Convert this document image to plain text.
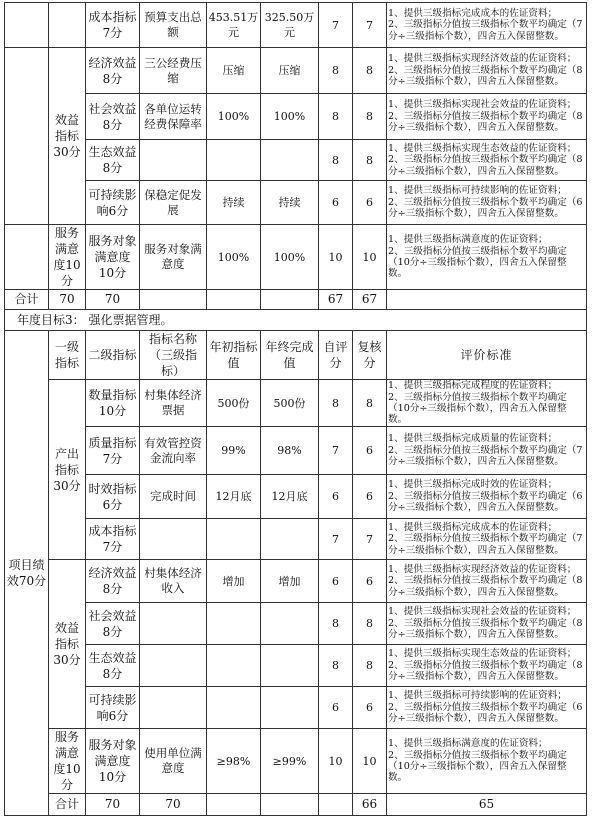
		成本指标7分	预算支出总额	453.51万元	325.50万元	7	7	1、提供三级指标完成成本的佐证资料；
2、三级指标分值按三级指标个数平均确定（7分÷三级指标个数），四舍五入保留整数。	
	效益指标30分	经济效益8分	三公经费压缩	压缩	压缩	8	8	1、提供三级指标实现经济效益的佐证资料；
2、三级指标分值按三级指标个数平均确定（8分÷三级指标个数），四舍五入保留整数。	
		社会效益8分	各单位运转经费保障率	100%	100%	8	8	1、提供三级指标实现社会效益的佐证资料；
2、三级指标分值按三级指标个数平均确定（8分÷三级指标个数），四舍五入保留整数。	
		生态效益8分				8	8	1、提供三级指标实现生态效益的佐证资料；
2、三级指标分值按三级指标个数平均确定（8分÷三级指标个数），四舍五入保留整数。	
		可持续影响6分	保稳定促发展	持续	持续	6	6	1、提供三级指标可持续影响的佐证资料；
2、三级指标分值按三级指标个数平均确定（6分÷三级指标个数），四舍五入保留整数。	
	服务满意度10分	服务对象满意度10分	服务对象满意度	100%	100%	10	10	1、提供三级指标满意度的佐证资料；
2、三级指标分值按三级指标个数平均确定（10分÷三级指标个数），四舍五入保留整数。	
合计	70	70				67	67		
年度目标3： 强化票据管理。									
项目绩效70分	一级指标	二级指标	指标名称（三级指标）	年初指标值	年终完成值	自评分	复核分	评价标准	
	产出指标30分	数量指标10分	村集体经济票据	500份	500份	8	8	1、提供三级指标完成程度的佐证资料；
2、三级指标分值按三级指标个数平均确定（10分÷三级指标个数），四舍五入保留整数。	
		质量指标7分	有效管控资金流向率	99%	98%	7	6	1、提供三级指标完成质量的佐证资料；
2、三级指标分值按三级指标个数平均确定（7分÷三级指标个数），四舍五入保留整数。	
		时效指标6分	完成时间	12月底	12月底	6	6	1、提供三级指标完成时效的佐证资料；
2、三级指标分值按三级指标个数平均确定（6分÷三级指标个数），四舍五入保留整数。	
		成本指标7分				7	7	1、提供三级指标完成成本的佐证资料；
2、三级指标分值按三级指标个数平均确定（7分÷三级指标个数），四舍五入保留整数。	
	效益指标30分	经济效益8分	村集体经济收入	增加	增加	6	6	1、提供三级指标实现经济效益的佐证资料；
2、三级指标分值按三级指标个数平均确定（8分÷三级指标个数），四舍五入保留整数。	
		社会效益8分				8	8	1、提供三级指标实现社会效益的佐证资料；
2、三级指标分值按三级指标个数平均确定（8分÷三级指标个数），四舍五入保留整数。	
		生态效益8分				8	8	1、提供三级指标实现生态效益的佐证资料；
2、三级指标分值按三级指标个数平均确定（8分÷三级指标个数），四舍五入保留整数。	
		可持续影响6分				6	6	1、提供三级指标可持续影响的佐证资料；
2、三级指标分值按三级指标个数平均确定（6分÷三级指标个数），四舍五入保留整数。	
	服务满意度10分	服务对象满意度10分	使用单位满意度	≥98%	≥99%	10	10	1、提供三级指标满意度的佐证资料；
2、三级指标分值按三级指标个数平均确定（10分÷三级指标个数），四舍五入保留整数。	
	合计	70	70				66	65	
